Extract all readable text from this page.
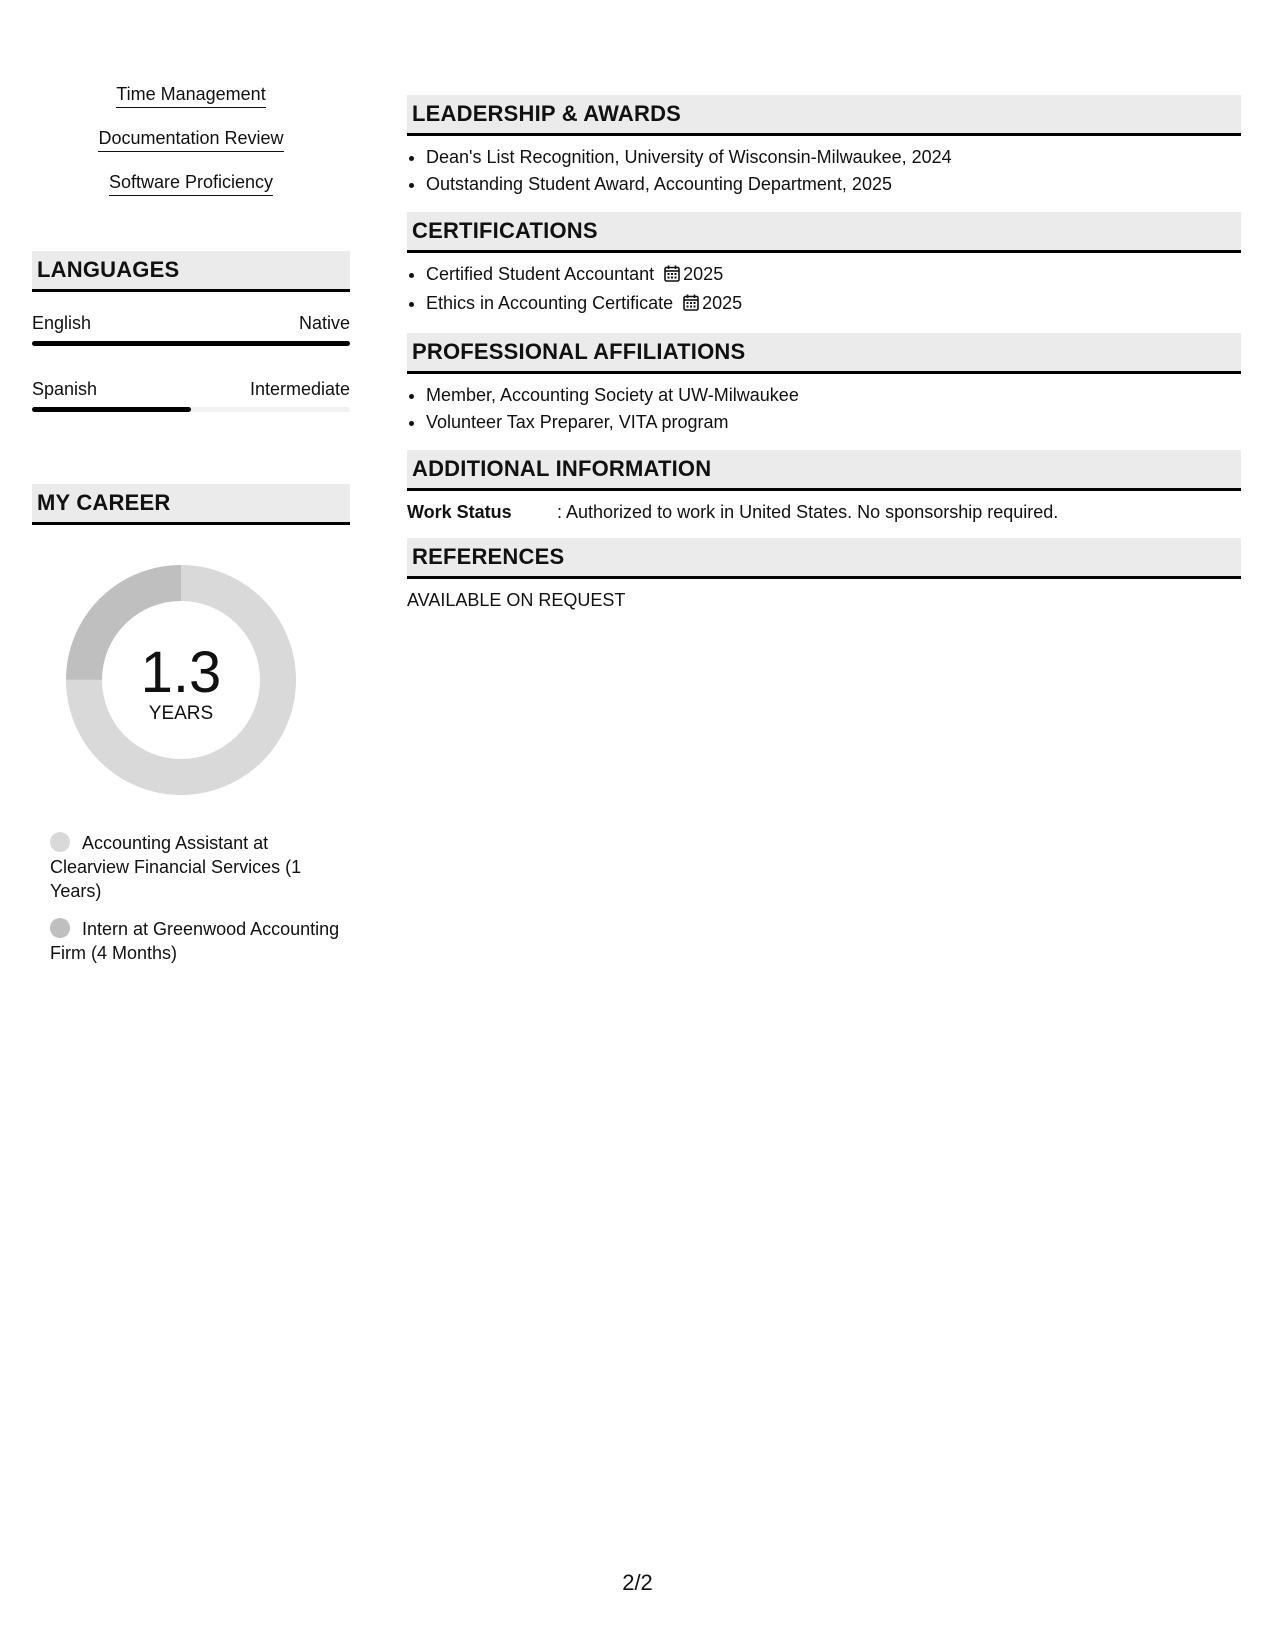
Time Management
Documentation Review
Software Proficiency
LANGUAGES
English	Native
Spanish	Intermediate
MY CAREER
1.3
YEARS
Accounting Assistant at Clearview Financial Services (1 Years)
Intern at Greenwood Accounting Firm (4 Months)
LEADERSHIP & AWARDS
• Dean's List Recognition, University of Wisconsin-Milwaukee, 2024
• Outstanding Student Award, Accounting Department, 2025
CERTIFICATIONS
• Certified Student Accountant 2025
• Ethics in Accounting Certificate 2025
PROFESSIONAL AFFILIATIONS
• Member, Accounting Society at UW-Milwaukee
• Volunteer Tax Preparer, VITA program
ADDITIONAL INFORMATION
Work Status	: Authorized to work in United States. No sponsorship required.
REFERENCES
AVAILABLE ON REQUEST
2/2
